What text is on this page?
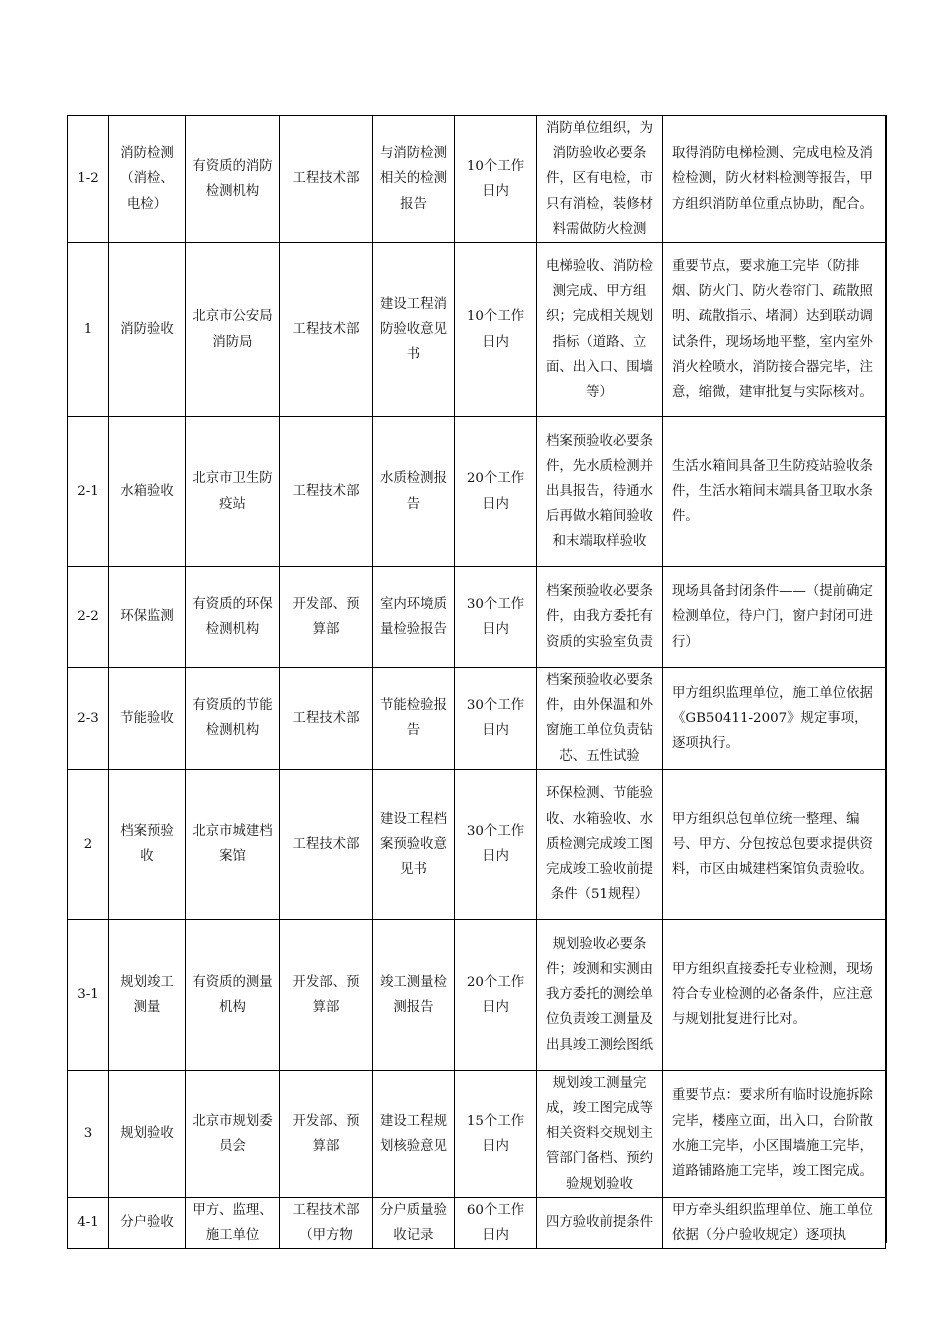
1-2	消防检测（消检、电检）	有资质的消防检测机构	工程技术部	与消防检测相关的检测报告	10个工作日内	消防单位组织，为消防验收必要条件，区有电检，市只有消检，装修材料需做防火检测	取得消防电梯检测、完成电检及消检检测，防火材料检测等报告，甲方组织消防单位重点协助，配合。
1	消防验收	北京市公安局消防局	工程技术部	建设工程消防验收意见书	10个工作日内	电梯验收、消防检测完成、甲方组织；完成相关规划指标（道路、立面、出入口、围墙等）	重要节点，要求施工完毕（防排烟、防火门、防火卷帘门、疏散照明、疏散指示、堵洞）达到联动调试条件，现场场地平整，室内室外消火栓喷水，消防接合器完毕，注意，缩微，建审批复与实际核对。
2-1	水箱验收	北京市卫生防疫站	工程技术部	水质检测报告	20个工作日内	档案预验收必要条件，先水质检测并出具报告，待通水后再做水箱间验收和末端取样验收	生活水箱间具备卫生防疫站验收条件，生活水箱间末端具备卫取水条件。
2-2	环保监测	有资质的环保检测机构	开发部、预算部	室内环境质量检验报告	30个工作日内	档案预验收必要条件，由我方委托有资质的实验室负责	现场具备封闭条件——（提前确定检测单位，待户门，窗户封闭可进行）
2-3	节能验收	有资质的节能检测机构	工程技术部	节能检验报告	30个工作日内	档案预验收必要条件，由外保温和外窗施工单位负责钻芯、五性试验	甲方组织监理单位，施工单位依据《GB50411-2007》规定事项，逐项执行。
2	档案预验收	北京市城建档案馆	工程技术部	建设工程档案预验收意见书	30个工作日内	环保检测、节能验收、水箱验收、水质检测完成竣工图完成竣工验收前提条件（51规程）	甲方组织总包单位统一整理、编号、甲方、分包按总包要求提供资料，市区由城建档案馆负责验收。
3-1	规划竣工测量	有资质的测量机构	开发部、预算部	竣工测量检测报告	20个工作日内	规划验收必要条件；竣测和实测由我方委托的测绘单位负责竣工测量及出具竣工测绘图纸	甲方组织直接委托专业检测，现场符合专业检测的必备条件，应注意与规划批复进行比对。
3	规划验收	北京市规划委员会	开发部、预算部	建设工程规划核验意见	15个工作日内	规划竣工测量完成，竣工图完成等相关资料交规划主管部门备档、预约验规划验收	重要节点：要求所有临时设施拆除完毕，楼座立面，出入口，台阶散水施工完毕，小区围墙施工完毕，道路铺路施工完毕，竣工图完成。
4-1	分户验收	甲方、监理、施工单位	工程技术部（甲方物	分户质量验收记录	60个工作日内	四方验收前提条件	甲方牵头组织监理单位、施工单位依据（分户验收规定）逐项执
